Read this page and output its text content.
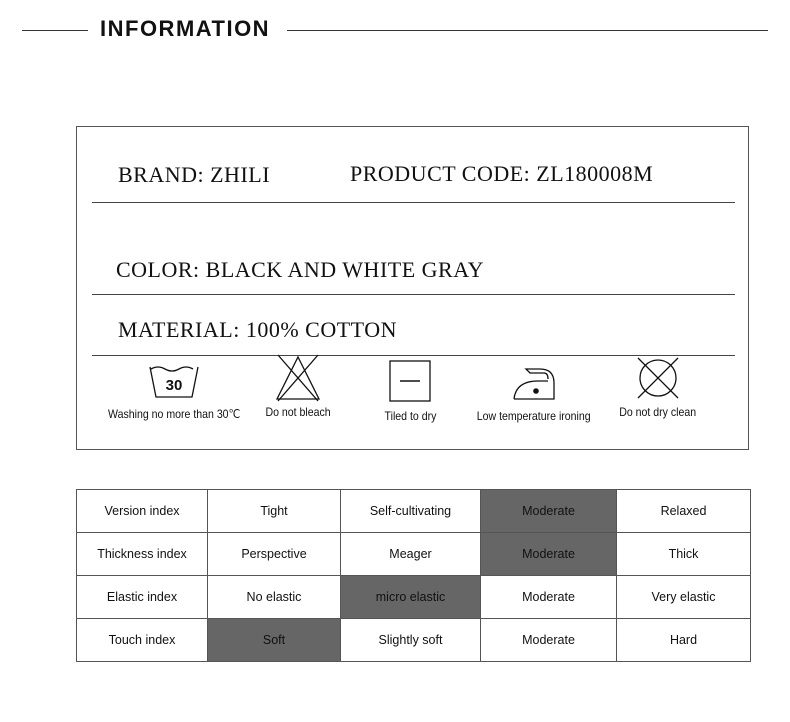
INFORMATION
BRAND: ZHILI	PRODUCT CODE: ZL180008M
COLOR: BLACK AND WHITE GRAY
MATERIAL: 100% COTTON
30
Washing no more than 30℃	Do not bleach	Tiled to dry	Low temperature ironing	Do not dry clean
Version index	Tight	Self-cultivating	Moderate	Relaxed
Thickness index	Perspective	Meager	Moderate	Thick
Elastic index	No elastic	micro elastic	Moderate	Very elastic
Touch index	Soft	Slightly soft	Moderate	Hard
